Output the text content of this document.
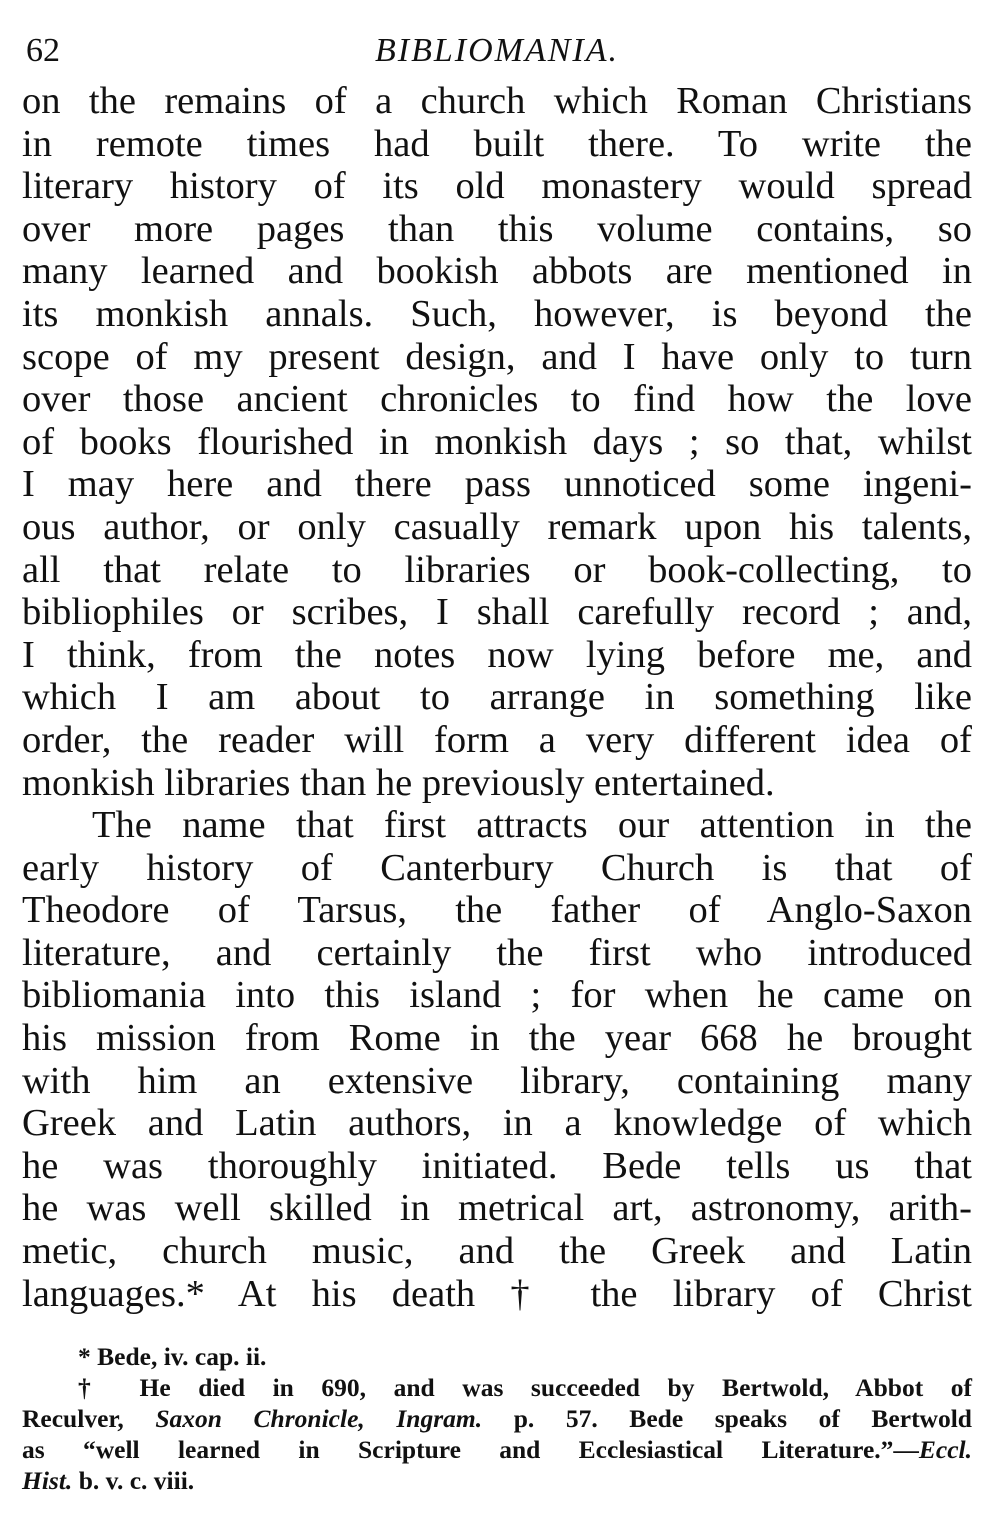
62	BIBLIOMANIA.
on the remains of a church which Roman Christians
in remote times had built there. To write the
literary history of its old monastery would spread
over more pages than this volume contains, so
many learned and bookish abbots are mentioned in
its monkish annals. Such, however, is beyond the
scope of my present design, and I have only to turn
over those ancient chronicles to find how the love
of books flourished in monkish days ; so that, whilst
I may here and there pass unnoticed some ingeni-
ous author, or only casually remark upon his talents,
all that relate to libraries or book-collecting, to
bibliophiles or scribes, I shall carefully record ; and,
I think, from the notes now lying before me, and
which I am about to arrange in something like
order, the reader will form a very different idea of
monkish libraries than he previously entertained.
The name that first attracts our attention in the
early history of Canterbury Church is that of
Theodore of Tarsus, the father of Anglo-Saxon
literature, and certainly the first who introduced
bibliomania into this island ; for when he came on
his mission from Rome in the year 668 he brought
with him an extensive library, containing many
Greek and Latin authors, in a knowledge of which
he was thoroughly initiated. Bede tells us that
he was well skilled in metrical art, astronomy, arith-
metic, church music, and the Greek and Latin
languages.* At his death † the library of Christ
* Bede, iv. cap. ii.
† He died in 690, and was succeeded by Bertwold, Abbot of
Reculver, Saxon Chronicle, Ingram. p. 57. Bede speaks of Bertwold
as “well learned in Scripture and Ecclesiastical Literature.”—Eccl.
Hist. b. v. c. viii.
